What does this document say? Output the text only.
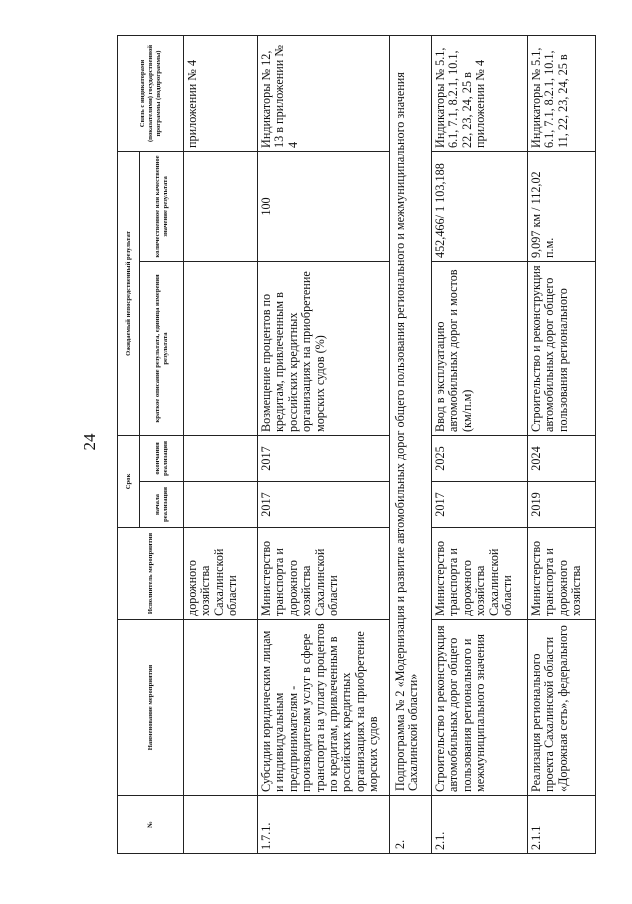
24
№	Наименование мероприятия	Исполнитель мероприятия	Срок		Ожидаемый непосредственный результат		Связь с индикаторами (показателями) государственной программы (подпрограммы)
			начала реализации	окончания реализации	краткое описание результата, единица измерения результата	количественное или качественное значение результата	
		дорожного хозяйства Сахалинской области					приложении № 4
1.7.1.	Субсидии юридическим лицам и индивидуальным предпринимателям - производителям услуг в сфере транспорта на уплату процентов по кредитам, привлеченным в российских кредитных организациях на приобретение морских судов	Министерство транспорта и дорожного хозяйства Сахалинской области	2017	2017	Возмещение процентов по кредитам, привлеченным в российских кредитных организациях на приобретение морских судов (%)	100	Индикаторы № 12, 13 в приложении № 4
2.	Подпрограмма № 2 «Модернизация и развитие автомобильных дорог общего пользования регионального и межмуниципального значения Сахалинской области»						
2.1.	Строительство и реконструкция автомобильных дорог общего пользования регионального и межмуниципального значения	Министерство транспорта и дорожного хозяйства Сахалинской области	2017	2025	Ввод в эксплуатацию автомобильных дорог и мостов (км/п.м)	452,466/ 1 103,188	Индикаторы № 5.1, 6.1, 7.1, 8.2.1, 10.1, 22, 23, 24, 25 в приложении № 4
2.1.1	Реализация регионального проекта Сахалинской области «Дорожная сеть», федерального	Министерство транспорта и дорожного хозяйства	2019	2024	Строительство и реконструкция автомобильных дорог общего пользования регионального	9,097 км / 112,02 п.м.	Индикаторы № 5.1, 6.1, 7.1, 8.2.1, 10.1, 11, 22, 23, 24, 25 в
